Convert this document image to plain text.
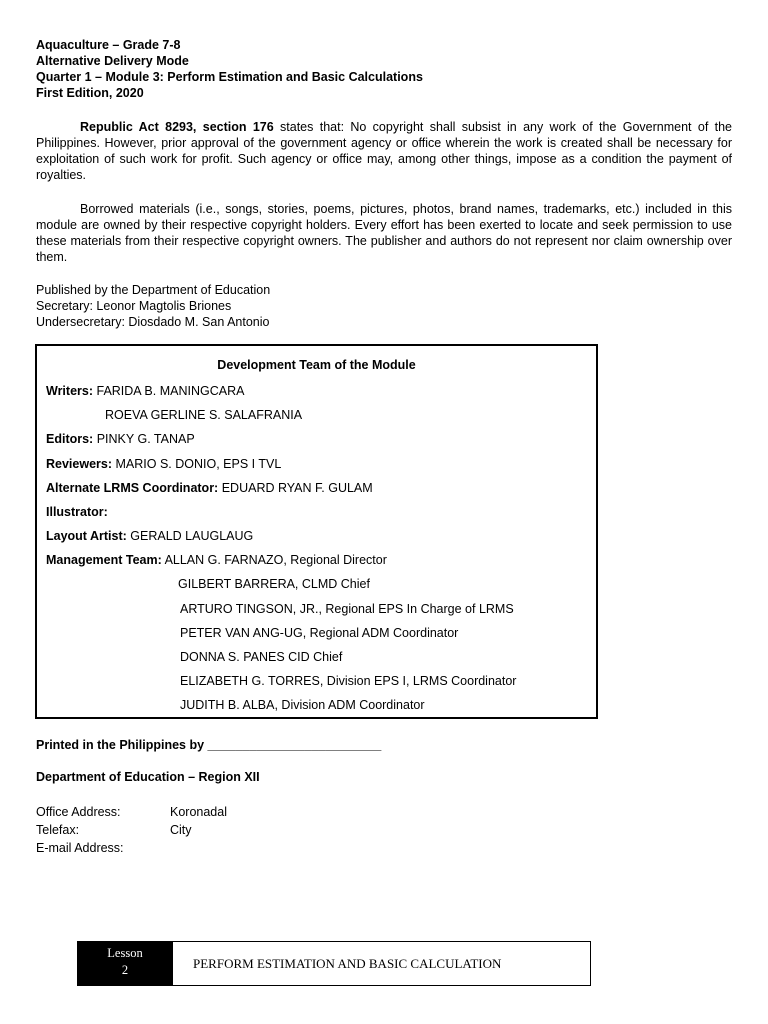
Aquaculture – Grade 7-8
Alternative Delivery Mode
Quarter 1 – Module 3: Perform Estimation and Basic Calculations
First Edition, 2020
Republic Act 8293, section 176 states that: No copyright shall subsist in any work of the Government of the Philippines. However, prior approval of the government agency or office wherein the work is created shall be necessary for exploitation of such work for profit. Such agency or office may, among other things, impose as a condition the payment of royalties.
Borrowed materials (i.e., songs, stories, poems, pictures, photos, brand names, trademarks, etc.) included in this module are owned by their respective copyright holders. Every effort has been exerted to locate and seek permission to use these materials from their respective copyright owners. The publisher and authors do not represent nor claim ownership over them.
Published by the Department of Education
Secretary: Leonor Magtolis Briones
Undersecretary: Diosdado M. San Antonio
Development Team of the Module
Writers: FARIDA B. MANINGCARA
ROEVA GERLINE S. SALAFRANIA
Editors: PINKY G. TANAP
Reviewers: MARIO S. DONIO, EPS I TVL
Alternate LRMS Coordinator: EDUARD RYAN F. GULAM
Illustrator:
Layout Artist: GERALD LAUGLAUG
Management Team: ALLAN G. FARNAZO, Regional Director
GILBERT BARRERA, CLMD Chief
ARTURO TINGSON, JR., Regional EPS In Charge of LRMS
PETER VAN ANG-UG, Regional ADM Coordinator
DONNA S. PANES CID Chief
ELIZABETH G. TORRES, Division EPS I, LRMS Coordinator
JUDITH B. ALBA, Division ADM Coordinator
Printed in the Philippines by _________________________
Department of Education – Region XII
Office Address:	Koronadal City
Telefax:
E-mail Address:
Lesson
2	PERFORM ESTIMATION AND BASIC CALCULATION
